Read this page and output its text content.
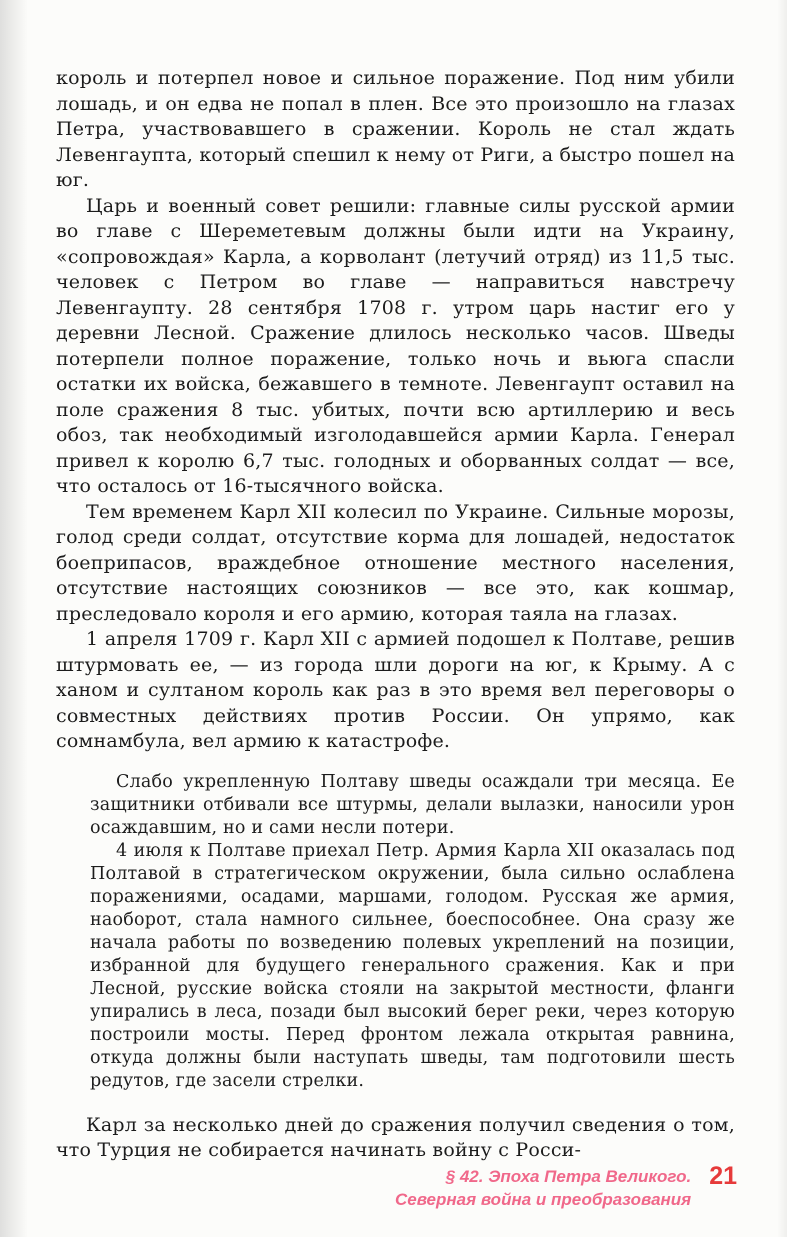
король и потерпел новое и сильное поражение. Под ним убили лошадь, и он едва не попал в плен. Все это произошло на глазах Петра, участвовавшего в сражении. Король не стал ждать Левенгаупта, который спешил к нему от Риги, а быстро пошел на юг.

Царь и военный совет решили: главные силы русской армии во главе с Шереметевым должны были идти на Украину, «сопровождая» Карла, а корволант (летучий отряд) из 11,5 тыс. человек с Петром во главе — направиться навстречу Левенгаупту. 28 сентября 1708 г. утром царь настиг его у деревни Лесной. Сражение длилось несколько часов. Шведы потерпели полное поражение, только ночь и вьюга спасли остатки их войска, бежавшего в темноте. Левенгаупт оставил на поле сражения 8 тыс. убитых, почти всю артиллерию и весь обоз, так необходимый изголодавшейся армии Карла. Генерал привел к королю 6,7 тыс. голодных и оборванных солдат — все, что осталось от 16-тысячного войска.

Тем временем Карл XII колесил по Украине. Сильные морозы, голод среди солдат, отсутствие корма для лошадей, недостаток боеприпасов, враждебное отношение местного населения, отсутствие настоящих союзников — все это, как кошмар, преследовало короля и его армию, которая таяла на глазах.

1 апреля 1709 г. Карл XII с армией подошел к Полтаве, решив штурмовать ее, — из города шли дороги на юг, к Крыму. А с ханом и султаном король как раз в это время вел переговоры о совместных действиях против России. Он упрямо, как сомнамбула, вел армию к катастрофе.

Слабо укрепленную Полтаву шведы осаждали три месяца. Ее защитники отбивали все штурмы, делали вылазки, наносили урон осаждавшим, но и сами несли потери.

4 июля к Полтаве приехал Петр. Армия Карла XII оказалась под Полтавой в стратегическом окружении, была сильно ослаблена поражениями, осадами, маршами, голодом. Русская же армия, наоборот, стала намного сильнее, боеспособнее. Она сразу же начала работы по возведению полевых укреплений на позиции, избранной для будущего генерального сражения. Как и при Лесной, русские войска стояли на закрытой местности, фланги упирались в леса, позади был высокий берег реки, через которую построили мосты. Перед фронтом лежала открытая равнина, откуда должны были наступать шведы, там подготовили шесть редутов, где засели стрелки.

Карл за несколько дней до сражения получил сведения о том, что Турция не собирается начинать войну с Росси-

§ 42. Эпоха Петра Великого.
Северная война и преобразования
21
